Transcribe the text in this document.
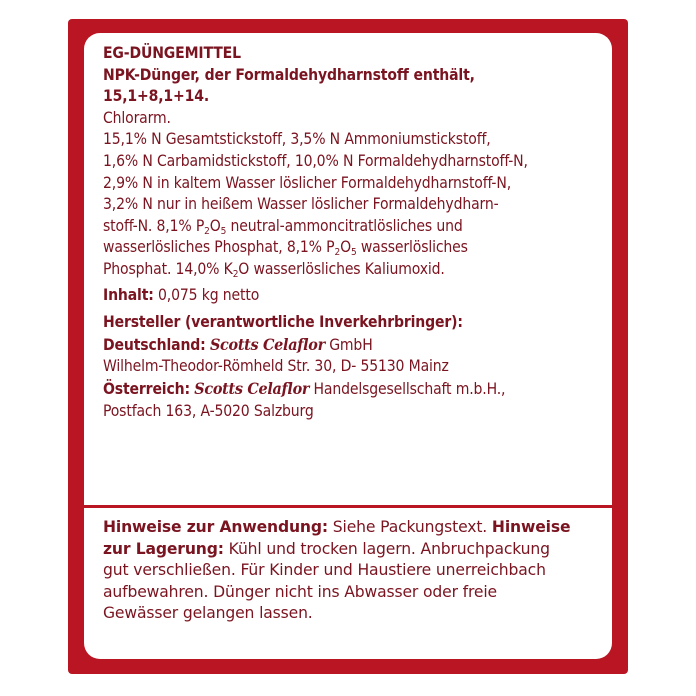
EG-DÜNGEMITTEL
NPK-Dünger, der Formaldehydharnstoff enthält,
15,1+8,1+14.
Chlorarm.
15,1% N Gesamtstickstoff, 3,5% N Ammoniumstickstoff,
1,6% N Carbamidstickstoff, 10,0% N Formaldehydharnstoff-N,
2,9% N in kaltem Wasser löslicher Formaldehydharnstoff-N,
3,2% N nur in heißem Wasser löslicher Formaldehydharn-
stoff-N. 8,1% $P_2O_5$ neutral-ammoncitratlösliches und
wasserlösliches Phosphat, 8,1% $P_2O_5$ wasserlösliches
Phosphat. 14,0% $K_2O$ wasserlösliches Kaliumoxid.
Inhalt: 0,075 kg netto
Hersteller (verantwortliche Inverkehrbringer):
Deutschland: Scotts Celaflor GmbH
Wilhelm-Theodor-Römheld Str. 30, D- 55130 Mainz
Österreich: Scotts Celaflor Handelsgesellschaft m.b.H.,
Postfach 163, A-5020 Salzburg
Hinweise zur Anwendung: Siehe Packungstext. Hinweise
zur Lagerung: Kühl und trocken lagern. Anbruchpackung
gut verschließen. Für Kinder und Haustiere unerreichbach
aufbewahren. Dünger nicht ins Abwasser oder freie
Gewässer gelangen lassen.
